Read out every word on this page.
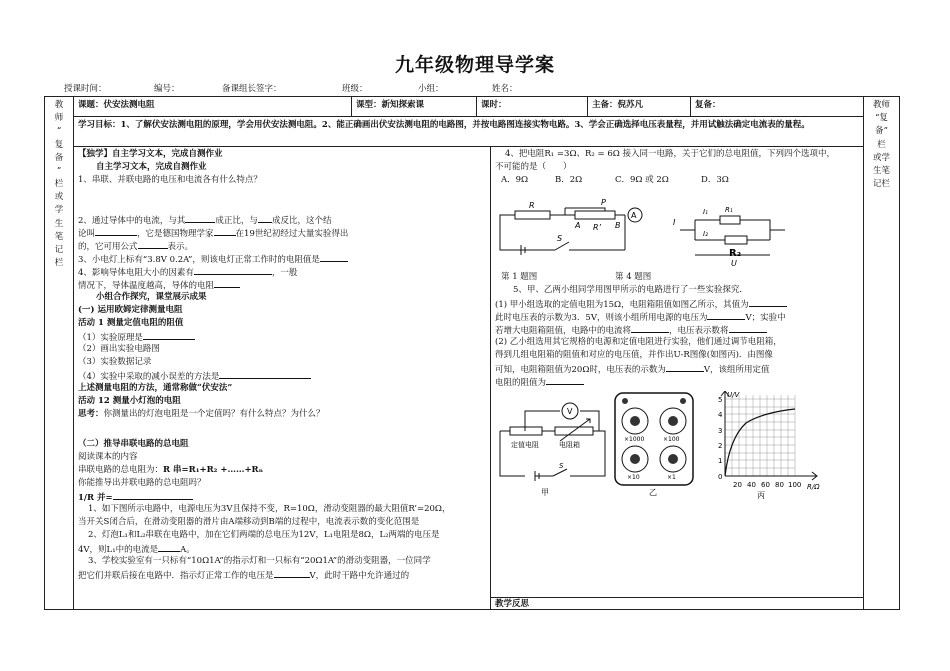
九年级物理导学案
授课时间：	编号：	备课组长签字：	班级：	小组：	姓名：
教
师
“
复
备
”
栏
或
学
生
笔
记
栏
教师
“复
备”
栏
或学
生笔
记栏
课题：伏安法测电阻	课型：新知探索课	课时：	主备：倪苏凡	复备：
学习目标：1、了解伏安法测电阻的原理，学会用伏安法测电阻。2、能正确画出伏安法测电阻的电路图，并按电路图连接实物电路。3、学会正确选择电压表量程，并用试触法确定电流表的量程。
【独学】自主学习文本，完成自测作业
自主学习文本，完成自测作业
1、串联、并联电路的电压和电流各有什么特点？
2、通过导体中的电流，与其	成正比，与 成反比，这个结
论叫	，它是德国物理学家	在19世纪初经过大量实验得出
的，它可用公式	表示。
3、小电灯上标有“3.8V 0.2A”，则该电灯正常工作时的电阻值是
4、影响导体电阻大小的因素有	，一般
情况下，导体温度越高，导体的电阻
小组合作探究，课堂展示成果
(一) 运用欧姆定律测量电阻
活动 1 测量定值电阻的阻值
（1）实验原理是
（2）画出实验电路图
（3）实验数据记录
（4）实验中采取的减小误差的方法是
上述测量电阻的方法，通常称做“伏安法”
活动 12 测量小灯泡的电阻
思考：你测量出的灯泡电阻是一个定值吗？有什么特点？为什么？
（二）推导串联电路的总电阻
阅读课本的内容
串联电路的总电阻为：R 串=R₁+R₂ +……+Rₙ
你能推导出并联电路的总电阻吗？
1/R 并=
1、如下图所示电路中，电源电压为3V且保持不变，R=10Ω，滑动变阻器的最大阻值R’=20Ω，
当开关S闭合后，在滑动变阻器的滑片由A端移动到B端的过程中，电流表示数的变化范围是
2、灯泡L₁和L₂串联在电路中，加在它们两端的总电压为12V，L₁电阻是8Ω，L₂两端的电压是
4V，则L₁中的电流是	A。
3、学校实验室有一只标有“10Ω1A”的指示灯和一只标有“20Ω1A”的滑动变阻器，一位同学
把它们并联后接在电路中．指示灯正常工作的电压是	V，此时干路中允许通过的
4、把电阻R₁ =3Ω、R₂ = 6Ω 接入同一电路，关于它们的总电阻值，下列四个选项中，
不可能的是（　　）
A．9Ω	B．2Ω	C．9Ω 或 2Ω	D．3Ω
R	P
A	B
R’
A
S
I
I₁ R₁
I₂
R₂
U
第 1 题图	第 4 题图
5、甲、乙两小组同学用图甲所示的电路进行了一些实验探究．
(1) 甲小组选取的定值电阻为15Ω，电阻箱阻值如图乙所示，其值为
此时电压表的示数为3．5V，则该小组所用电源的电压为	V；实验中
若增大电阻箱阻值，电路中的电流将	，电压表示数将
(2) 乙小组选用其它规格的电源和定值电阻进行实验，他们通过调节电阻箱，
得到几组电阻箱的阻值和对应的电压值，并作出U-R图像(如图丙)．由图像
可知，电阻箱阻值为20Ω时，电压表的示数为	V，该组所用定值
电阻的阻值为
定值电阻	电阻箱
V
S
甲
×1000	×100
×10	×1
乙
U/V
R/Ω
0
1
2
3
4
5
20 40 60 80 100
丙
教学反思
